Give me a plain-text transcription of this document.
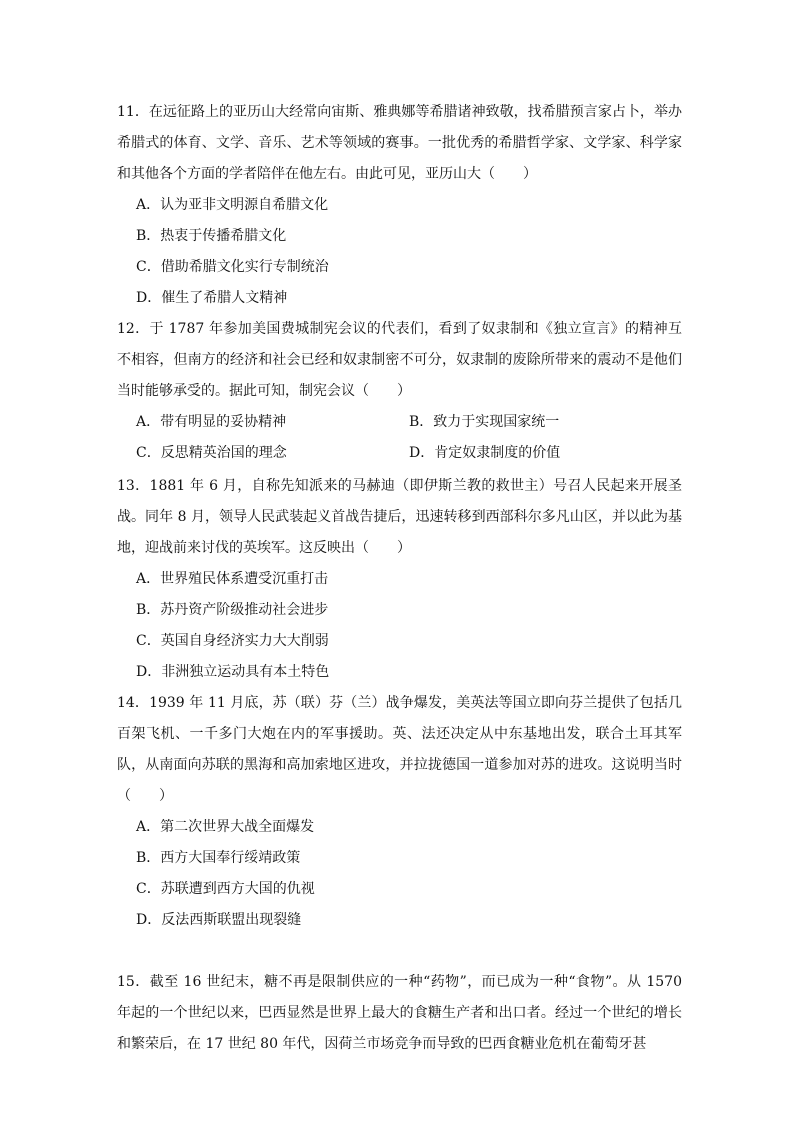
11．在远征路上的亚历山大经常向宙斯、雅典娜等希腊诸神致敬，找希腊预言家占卜，举办希腊式的体育、文学、音乐、艺术等领域的赛事。一批优秀的希腊哲学家、文学家、科学家和其他各个方面的学者陪伴在他左右。由此可见，亚历山大（　　）

A．认为亚非文明源自希腊文化

B．热衷于传播希腊文化

C．借助希腊文化实行专制统治

D．催生了希腊人文精神

12．于 1787 年参加美国费城制宪会议的代表们，看到了奴隶制和《独立宣言》的精神互不相容，但南方的经济和社会已经和奴隶制密不可分，奴隶制的废除所带来的震动不是他们当时能够承受的。据此可知，制宪会议（　　）

A．带有明显的妥协精神	B．致力于实现国家统一

C．反思精英治国的理念	D．肯定奴隶制度的价值

13．1881 年 6 月，自称先知派来的马赫迪（即伊斯兰教的救世主）号召人民起来开展圣战。同年 8 月，领导人民武装起义首战告捷后，迅速转移到西部科尔多凡山区，并以此为基地，迎战前来讨伐的英埃军。这反映出（　　）

A．世界殖民体系遭受沉重打击

B．苏丹资产阶级推动社会进步

C．英国自身经济实力大大削弱

D．非洲独立运动具有本土特色

14．1939 年 11 月底，苏（联）芬（兰）战争爆发，美英法等国立即向芬兰提供了包括几百架飞机、一千多门大炮在内的军事援助。英、法还决定从中东基地出发，联合土耳其军队，从南面向苏联的黑海和高加索地区进攻，并拉拢德国一道参加对苏的进攻。这说明当时（　　）

A．第二次世界大战全面爆发

B．西方大国奉行绥靖政策

C．苏联遭到西方大国的仇视

D．反法西斯联盟出现裂缝

15．截至 16 世纪末，糖不再是限制供应的一种“药物”，而已成为一种“食物”。从 1570 年起的一个世纪以来，巴西显然是世界上最大的食糖生产者和出口者。经过一个世纪的增长和繁荣后，在 17 世纪 80 年代，因荷兰市场竞争而导致的巴西食糖业危机在葡萄牙甚
